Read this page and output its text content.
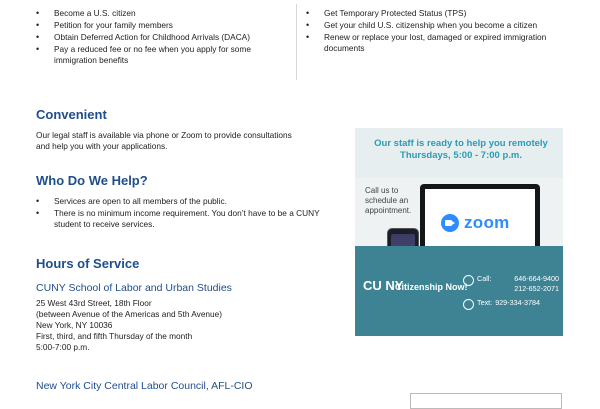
• Become a U.S. citizen
• Petition for your family members
• Obtain Deferred Action for Childhood Arrivals (DACA)
• Pay a reduced fee or no fee when you apply for some immigration benefits
• Get Temporary Protected Status (TPS)
• Get your child U.S. citizenship when you become a citizen
• Renew or replace your lost, damaged or expired immigration documents
Convenient
Our legal staff is available via phone or Zoom to provide consultations and help you with your applications.
Who Do We Help?
• Services are open to all members of the public.
• There is no minimum income requirement. You don’t have to be a CUNY student to receive services.
Hours of Service
CUNY School of Labor and Urban Studies
25 West 43rd Street, 18th Floor
(between Avenue of the Americas and 5th Avenue)
New York, NY 10036
First, third, and fifth Thursday of the month
5:00-7:00 p.m.
New York City Central Labor Council, AFL-CIO
Our staff is ready to help you remotely Thursdays, 5:00 - 7:00 p.m.
Call us to schedule an appointment.
zoom
CU NY
Citizenship Now!
Call:	646-664-9400
212-652-2071
Text: 929-334-3784
